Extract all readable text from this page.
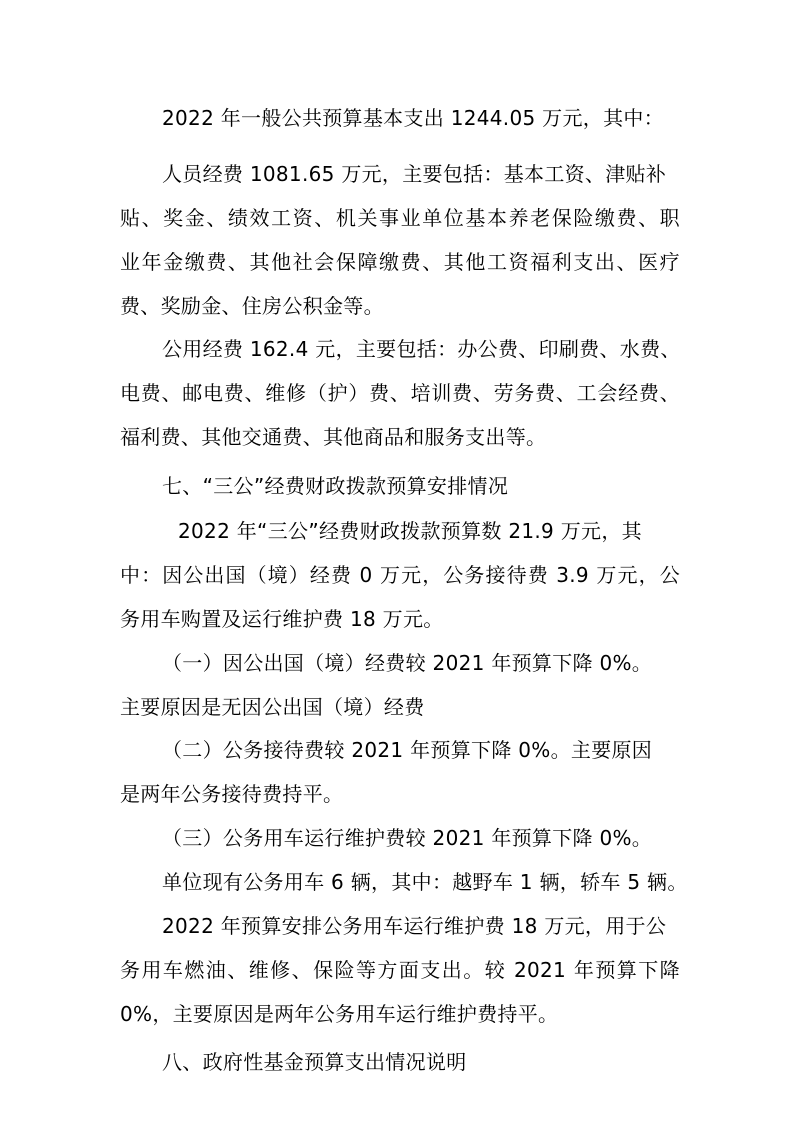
2022 年一般公共预算基本支出 1244.05 万元，其中：
人员经费 1081.65 万元，主要包括：基本工资、津贴补
贴、奖金、绩效工资、机关事业单位基本养老保险缴费、职
业年金缴费、其他社会保障缴费、其他工资福利支出、医疗
费、奖励金、住房公积金等。
公用经费 162.4 元，主要包括：办公费、印刷费、水费、
电费、邮电费、维修（护）费、培训费、劳务费、工会经费、
福利费、其他交通费、其他商品和服务支出等。
七、“三公”经费财政拨款预算安排情况
2022 年“三公”经费财政拨款预算数 21.9 万元，其
中：因公出国（境）经费 0 万元，公务接待费 3.9 万元，公
务用车购置及运行维护费 18 万元。
（一）因公出国（境）经费较 2021 年预算下降 0%。
主要原因是无因公出国（境）经费
（二）公务接待费较 2021 年预算下降 0%。主要原因
是两年公务接待费持平。
（三）公务用车运行维护费较 2021 年预算下降 0%。
单位现有公务用车 6 辆，其中：越野车 1 辆，轿车 5 辆。
2022 年预算安排公务用车运行维护费 18 万元，用于公
务用车燃油、维修、保险等方面支出。较 2021 年预算下降
0%，主要原因是两年公务用车运行维护费持平。
八、政府性基金预算支出情况说明
